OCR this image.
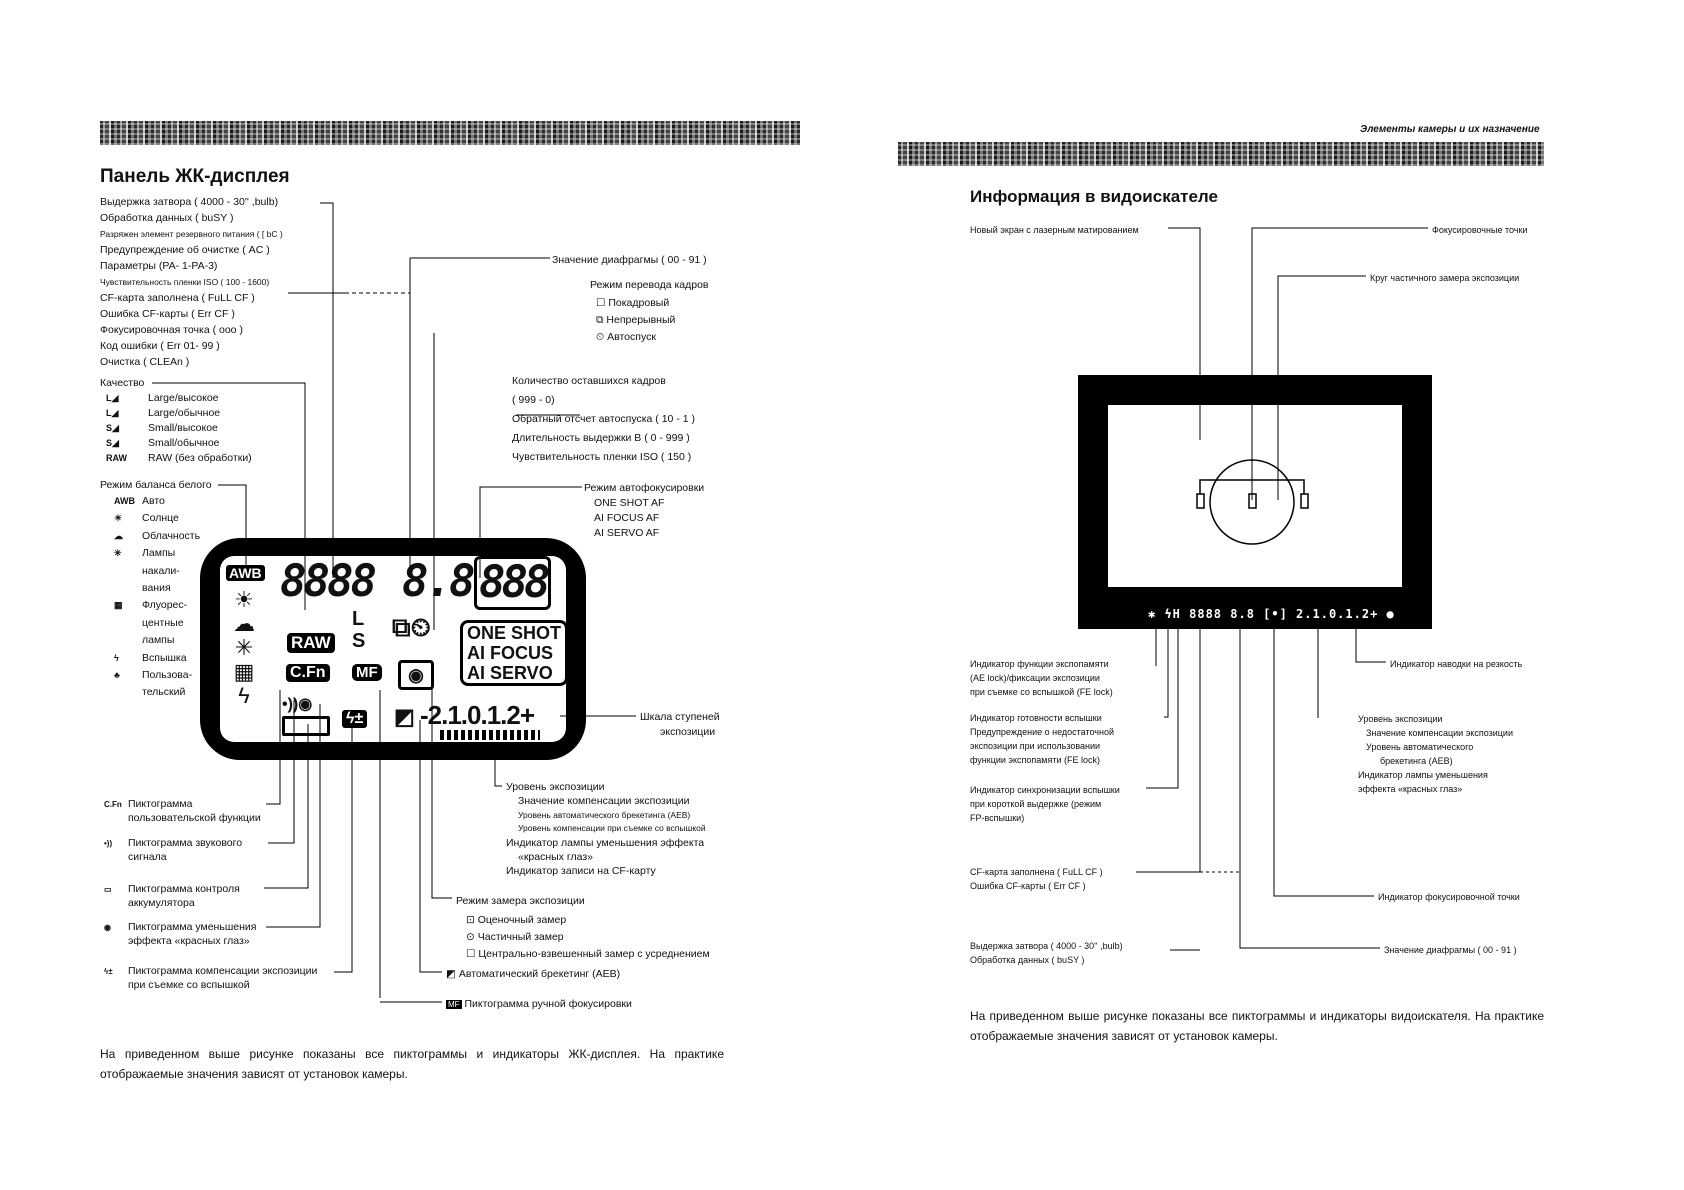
Панель ЖК-дисплея
Выдержка затвора ( 4000 - 30'' ,bulb)
Обработка данных ( buSY )
Разряжен элемент резервного питания ( [ bC )
Предупреждение об очистке ( AC )
Параметры (PA- 1-PA-3)
Чувствительность пленки ISO ( 100 - 1600)
CF-карта заполнена ( FuLL CF )
Ошибка CF-карты ( Err CF )
Фокусировочная точка ( ooo )
Код ошибки ( Err 01- 99 )
Очистка ( CLEAn )
Качество
L◢	Large/высокое
L◢	Large/обычное
S◢	Small/высокое
S◢	Small/обычное
RAW	RAW (без обработки)
Режим баланса белого
AWB Авто
☀	Солнце
☁	Облачность
✳	Лампы
накали-
вания
▦	Флуорес-
центные
лампы
ϟ	Вспышка
♣	Пользова-
тельский
Значение диафрагмы ( 00 - 91 )
Режим перевода кадров
☐ Покадровый
⧉ Непрерывный
⏲ Автоспуск
Количество оставшихся кадров
( 999 - 0)
Обратный отсчет автоспуска ( 10 - 1 )
Длительность выдержки В ( 0 - 999 )
Чувствительность пленки ISO ( 150 )
Режим автофокусировки
ONE SHOT AF
AI FOCUS AF
AI SERVO AF
Шкала ступеней
экспозиции
AWB 8888 8.8 888
RAW
L
S ⧉⏲ ONE SHOT
AI FOCUS
AI SERVO
C.Fn MF	◉
-2.1.0.1.2+
☀
☁
✳
▦
ϟ	•))◉
ϟ± ◩
C.Fn Пиктограмма
пользовательской функции
•)) Пиктограмма звукового
сигнала
▭ Пиктограмма контроля
аккумулятора
◉ Пиктограмма уменьшения
эффекта «красных глаз»
ϟ± Пиктограмма компенсации экспозиции
при съемке со вспышкой
Уровень экспозиции
Значение компенсации экспозиции
Уровень автоматического брекетинга (AEB)
Уровень компенсации при съемке со вспышкой
Индикатор лампы уменьшения эффекта
«красных глаз»
Индикатор записи на CF-карту
Режим замера экспозиции
⊡ Оценочный замер
⊙ Частичный замер
☐ Центрально-взвешенный замер с усреднением
◩ Автоматический брекетинг (AEB)
MF Пиктограмма ручной фокусировки
На приведенном выше рисунке показаны все пиктограммы и индикаторы ЖК-дисплея. На практике отображаемые значения зависят от установок камеры.
Элементы камеры и их назначение
Информация в видоискателе
Новый экран с лазерным матированием	Фокусировочные точки
Круг частичного замера экспозиции
✱ ϟH 8888 8.8 [•] 2.1.0.1.2+ ●
Индикатор функции экспопамяти
(AE lock)/фиксации экспозиции
при съемке со вспышкой (FE lock)
Индикатор готовности вспышки
Предупреждение о недостаточной
экспозиции при использовании
функции экспопамяти (FE lock)
Индикатор синхронизации вспышки
при короткой выдержке (режим
FP-вспышки)
CF-карта заполнена ( FuLL CF )
Ошибка CF-карты ( Err CF )
Выдержка затвора ( 4000 - 30'' ,bulb)
Обработка данных ( buSY )
Индикатор наводки на резкость
Уровень экспозиции
Значение компенсации экспозиции
Уровень автоматического
брекетинга (AEB)
Индикатор лампы уменьшения
эффекта «красных глаз»
Индикатор фокусировочной точки
Значение диафрагмы ( 00 - 91 )
На приведенном выше рисунке показаны все пиктограммы и индикаторы видоискателя. На практике отображаемые значения зависят от установок камеры.
